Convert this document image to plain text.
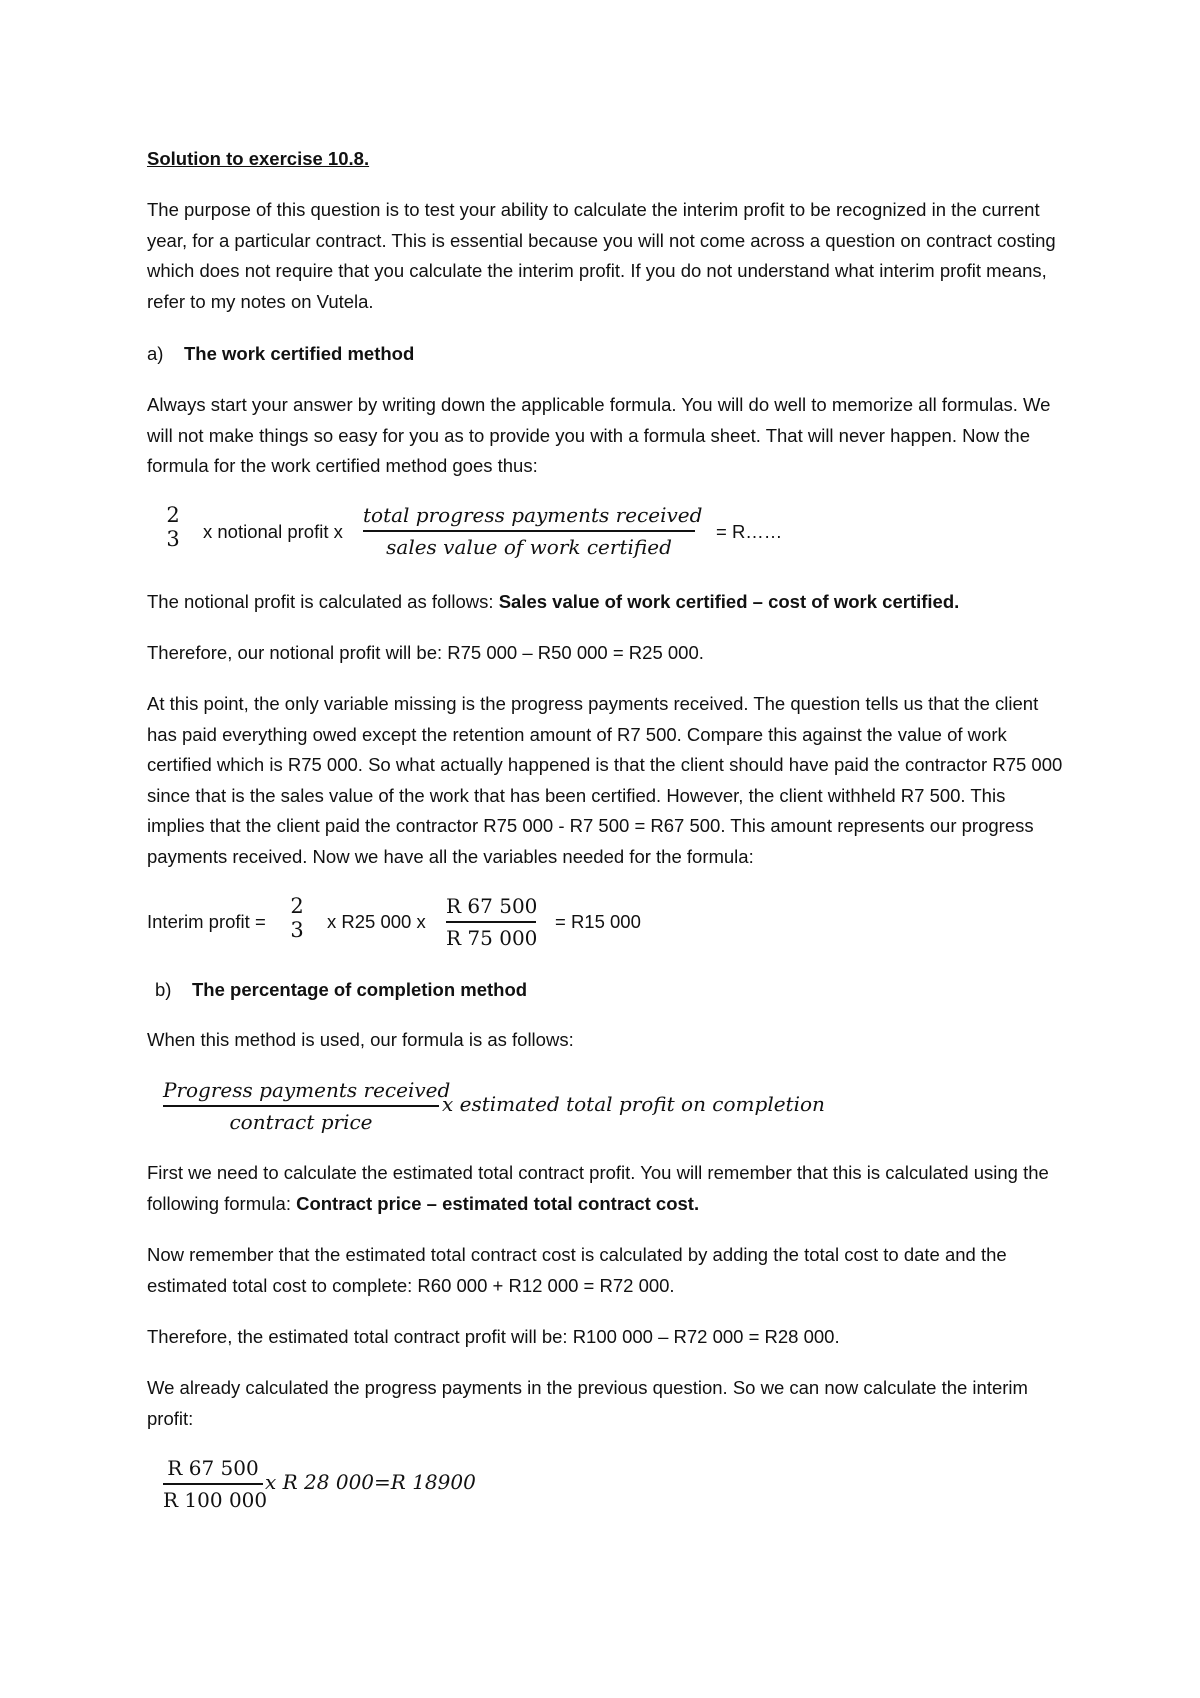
Solution to exercise 10.8.

The purpose of this question is to test your ability to calculate the interim profit to be recognized in the current year, for a particular contract. This is essential because you will not come across a question on contract costing which does not require that you calculate the interim profit. If you do not understand what interim profit means, refer to my notes on Vutela.

a) The work certified method

Always start your answer by writing down the applicable formula. You will do well to memorize all formulas. We will not make things so easy for you as to provide you with a formula sheet. That will never happen. Now the formula for the work certified method goes thus:

2
3 x notional profit x
total progress payments received
sales value of work certified
= R……

The notional profit is calculated as follows: Sales value of work certified – cost of work certified.

Therefore, our notional profit will be: R75 000 – R50 000 = R25 000.

At this point, the only variable missing is the progress payments received. The question tells us that the client has paid everything owed except the retention amount of R7 500. Compare this against the value of work certified which is R75 000. So what actually happened is that the client should have paid the contractor R75 000 since that is the sales value of the work that has been certified. However, the client withheld R7 500. This implies that the client paid the contractor R75 000 - R7 500 = R67 500. This amount represents our progress payments received. Now we have all the variables needed for the formula:

Interim profit =
2
3 x R25 000 x
R 67 500
R 75 000
= R15 000
b) The percentage of completion method

When this method is used, our formula is as follows:

Progress payments received
contract price
x estimated total profit on completion

First we need to calculate the estimated total contract profit. You will remember that this is calculated using the following formula: Contract price – estimated total contract cost.

Now remember that the estimated total contract cost is calculated by adding the total cost to date and the estimated total cost to complete: R60 000 + R12 000 = R72 000.

Therefore, the estimated total contract profit will be: R100 000 – R72 000 = R28 000.

We already calculated the progress payments in the previous question. So we can now calculate the interim profit:

R 67 500
R 100 000
x R 28 000=R 18900
